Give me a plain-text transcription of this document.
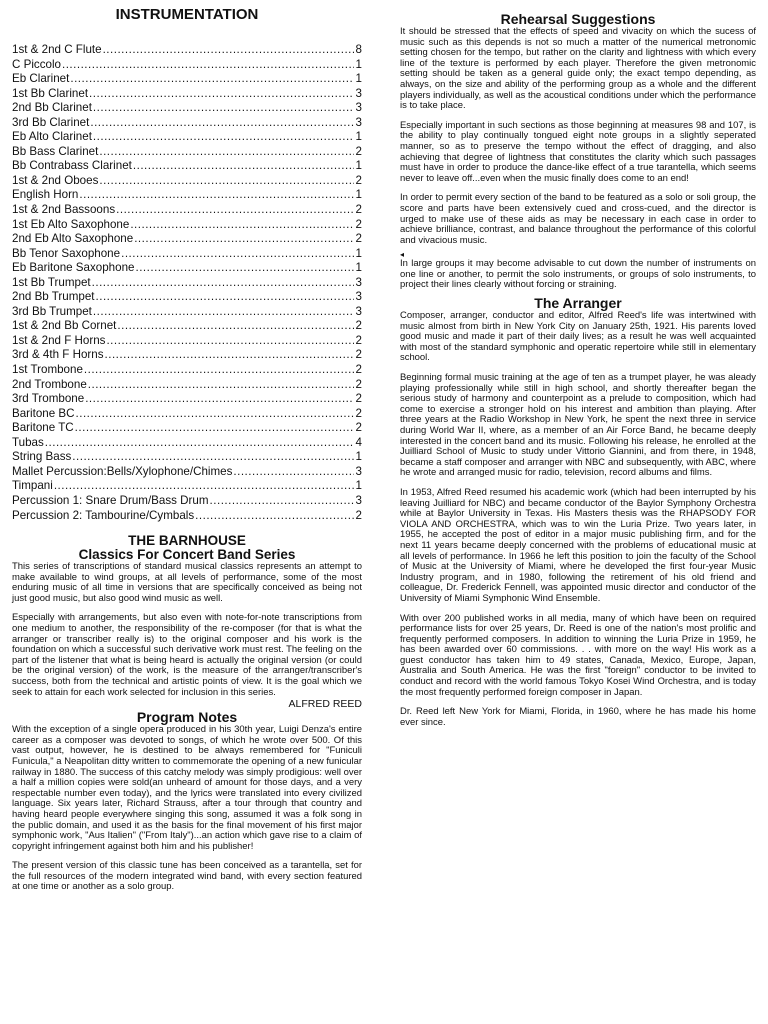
INSTRUMENTATION
1st & 2nd C Flute .....	8
C Piccolo .....	1
Eb Clarinet .....	1
1st Bb Clarinet .....	3
2nd Bb Clarinet .....	3
3rd Bb Clarinet .....	3
Eb Alto Clarinet .....	1
Bb Bass Clarinet .....	2
Bb Contrabass Clarinet .....	1
1st & 2nd Oboes .....	2
English Horn .....	1
1st & 2nd Bassoons .....	2
1st Eb Alto Saxophone .....	2
2nd Eb Alto Saxophone .....	2
Bb Tenor Saxophone .....	1
Eb Baritone Saxophone .....	1
1st Bb Trumpet .....	3
2nd Bb Trumpet .....	3
3rd Bb Trumpet .....	3
1st & 2nd Bb Cornet .....	2
1st & 2nd F Horns .....	2
3rd & 4th F Horns .....	2
1st Trombone .....	2
2nd Trombone .....	2
3rd Trombone .....	2
Baritone BC .....	2
Baritone TC .....	2
Tubas .....	4
String Bass .....	1
Mallet Percussion:Bells/Xylophone/Chimes .....	3
Timpani .....	1
Percussion 1: Snare Drum/Bass Drum .....	3
Percussion 2: Tambourine/Cymbals .....	2
THE BARNHOUSE
Classics For Concert Band Series

This series of transcriptions of standard musical classics represents an attempt to make available to wind groups, at all levels of performance, some of the most enduring music of all time in versions that are specifically conceived as being not just good music, but also good wind music as well.

Especially with arrangements, but also even with note-for-note transcriptions from one medium to another, the responsibility of the re-composer (for that is what the arranger or transcriber really is) to the original composer and his work is the foundation on which a successful such derivative work must rest. The feeling on the part of the listener that what is being heard is actually the original version (or could be the original version) of the work, is the measure of the arranger/transcriber's success, both from the technical and artistic points of view. It is the goal which we seek to attain for each work selected for inclusion in this series.

ALFRED REED
Program Notes

With the exception of a single opera produced in his 30th year, Luigi Denza's entire career as a composer was devoted to songs, of which he wrote over 500. Of this vast output, however, he is destined to be always remembered for "Funiculi Funicula," a Neapolitan ditty written to commemorate the opening of a new funicular railway in 1880. The success of this catchy melody was simply prodigious: well over a half a million copies were sold(an unheard of amount for those days, and a very respectable number even today), and the lyrics were translated into every civilized language. Six years later, Richard Strauss, after a tour through that country and having heard people everywhere singing this song, assumed it was a folk song in the public domain, and used it as the basis for the final movement of his first major symphonic work, "Aus Italien" ("From Italy")...an action which gave rise to a claim of copyright infringement against both him and his publisher!

The present version of this classic tune has been conceived as a tarantella, set for the full resources of the modern integrated wind band, with every section featured at one time or another as a solo group.

Rehearsal Suggestions

It should be stressed that the effects of speed and vivacity on which the sucess of music such as this depends is not so much a matter of the numerical metronomic setting chosen for the tempo, but rather on the clarity and lightness with which every line of the texture is performed by each player. Therefore the given metronomic setting should be taken as a general guide only; the exact tempo depending, as always, on the size and ability of the performing group as a whole and the different players individually, as well as the acoustical conditions under which the performance is to take place.

Especially important in such sections as those beginning at measures 98 and 107, is the ability to play continually tongued eight note groups in a slightly seperated manner, so as to preserve the tempo without the effect of dragging, and also achieving that degree of lightness that constitutes the clarity which such passages must have in order to produce the dance-like effect of a true tarantella, which seems never to leave off...even when the music finally does come to an end!

In order to permit every section of the band to be featured as a solo or soli group, the score and parts have been extensively cued and cross-cued, and the director is urged to make use of these aids as may be necessary in each case in order to achieve brilliance, contrast, and balance throughout the performance of this colorful and vivacious music.

◂

In large groups it may become advisable to cut down the number of instruments on one line or another, to permit the solo instruments, or groups of solo instruments, to project their lines clearly without forcing or straining.

The Arranger

Composer, arranger, conductor and editor, Alfred Reed's life was intertwined with music almost from birth in New York City on January 25th, 1921. His parents loved good music and made it part of their daily lives; as a result he was well acquainted with most of the standard symphonic and operatic repertoire while still in elementary school.

Beginning formal music training at the age of ten as a trumpet player, he was aleady playing professionally while still in high school, and shortly thereafter began the serious study of harmony and counterpoint as a prelude to composition, which had come to exercise a stronger hold on his interest and ambition than playing. After three years at the Radio Workshop in New York, he spent the next three in service during World War II, where, as a member of an Air Force Band, he became deeply interested in the concert band and its music. Following his release, he enrolled at the Juilliard School of Music to study under Vittorio Giannini, and from there, in 1948, became a staff composer and arranger with NBC and subsequently, with ABC, where he wrote and arranged music for radio, television, record albums and films.

In 1953, Alfred Reed resumed his academic work (which had been interrupted by his leaving Juilliard for NBC) and became conductor of the Baylor Symphony Orchestra while at Baylor University in Texas. His Masters thesis was the RHAPSODY FOR VIOLA AND ORCHESTRA, which was to win the Luria Prize. Two years later, in 1955, he accepted the post of editor in a major music publishing firm, and for the next 11 years became deeply concerned with the problems of educational music at all levels of performance. In 1966 he left this position to join the faculty of the School of Music at the University of Miami, where he developed the first four-year Music Industry program, and in 1980, following the retirement of his old friend and colleague, Dr. Frederick Fennell, was appointed music director and conductor of the University of Miami Symphonic Wind Ensemble.

With over 200 published works in all media, many of which have been on required performance lists for over 25 years, Dr. Reed is one of the nation's most prolific and frequently performed composers. In addition to winning the Luria Prize in 1959, he has been awarded over 60 commissions. . . with more on the way! His work as a guest conductor has taken him to 49 states, Canada, Mexico, Europe, Japan, Australia and South America. He was the first "foreign" conductor to be invited to conduct and record with the world famous Tokyo Kosei Wind Orchestra, and is today the most frequently performed foreign composer in Japan.

Dr. Reed left New York for Miami, Florida, in 1960, where he has made his home ever since.
